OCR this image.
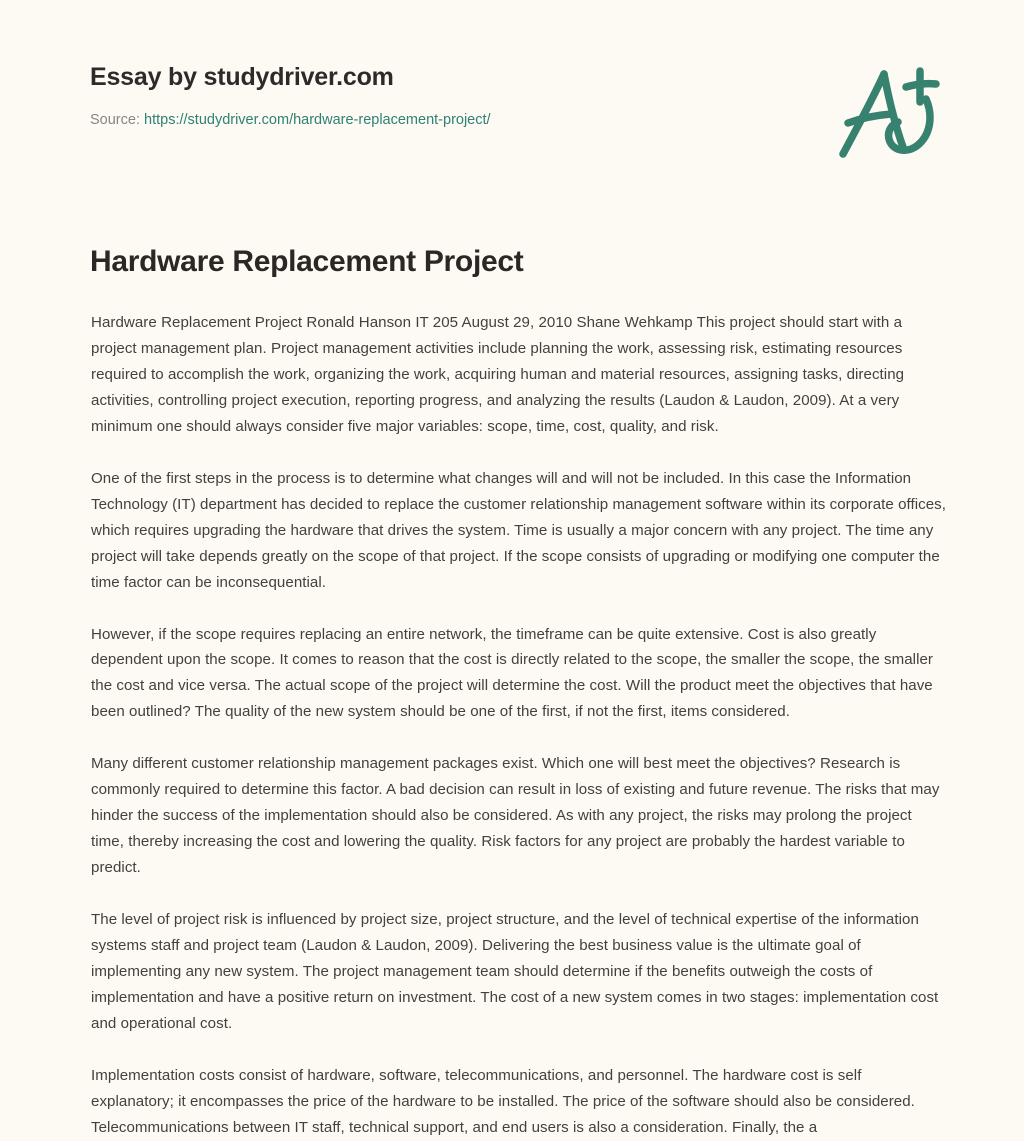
Essay by studydriver.com

Source: https://studydriver.com/hardware-replacement-project/

Hardware Replacement Project

Hardware Replacement Project Ronald Hanson IT 205 August 29, 2010 Shane Wehkamp This project should start with a project management plan. Project management activities include planning the work, assessing risk, estimating resources required to accomplish the work, organizing the work, acquiring human and material resources, assigning tasks, directing activities, controlling project execution, reporting progress, and analyzing the results (Laudon & Laudon, 2009). At a very minimum one should always consider five major variables: scope, time, cost, quality, and risk.

One of the first steps in the process is to determine what changes will and will not be included. In this case the Information Technology (IT) department has decided to replace the customer relationship management software within its corporate offices, which requires upgrading the hardware that drives the system. Time is usually a major concern with any project. The time any project will take depends greatly on the scope of that project. If the scope consists of upgrading or modifying one computer the time factor can be inconsequential.

However, if the scope requires replacing an entire network, the timeframe can be quite extensive. Cost is also greatly dependent upon the scope. It comes to reason that the cost is directly related to the scope, the smaller the scope, the smaller the cost and vice versa. The actual scope of the project will determine the cost. Will the product meet the objectives that have been outlined? The quality of the new system should be one of the first, if not the first, items considered.

Many different customer relationship management packages exist. Which one will best meet the objectives? Research is commonly required to determine this factor. A bad decision can result in loss of existing and future revenue. The risks that may hinder the success of the implementation should also be considered. As with any project, the risks may prolong the project time, thereby increasing the cost and lowering the quality. Risk factors for any project are probably the hardest variable to predict.

The level of project risk is influenced by project size, project structure, and the level of technical expertise of the information systems staff and project team (Laudon & Laudon, 2009). Delivering the best business value is the ultimate goal of implementing any new system. The project management team should determine if the benefits outweigh the costs of implementation and have a positive return on investment. The cost of a new system comes in two stages: implementation cost and operational cost.

Implementation costs consist of hardware, software, telecommunications, and personnel. The hardware cost is self explanatory; it encompasses the price of the hardware to be installed. The price of the software should also be considered. Telecommunications between IT staff, technical support, and end users is also a consideration. Finally, the a
